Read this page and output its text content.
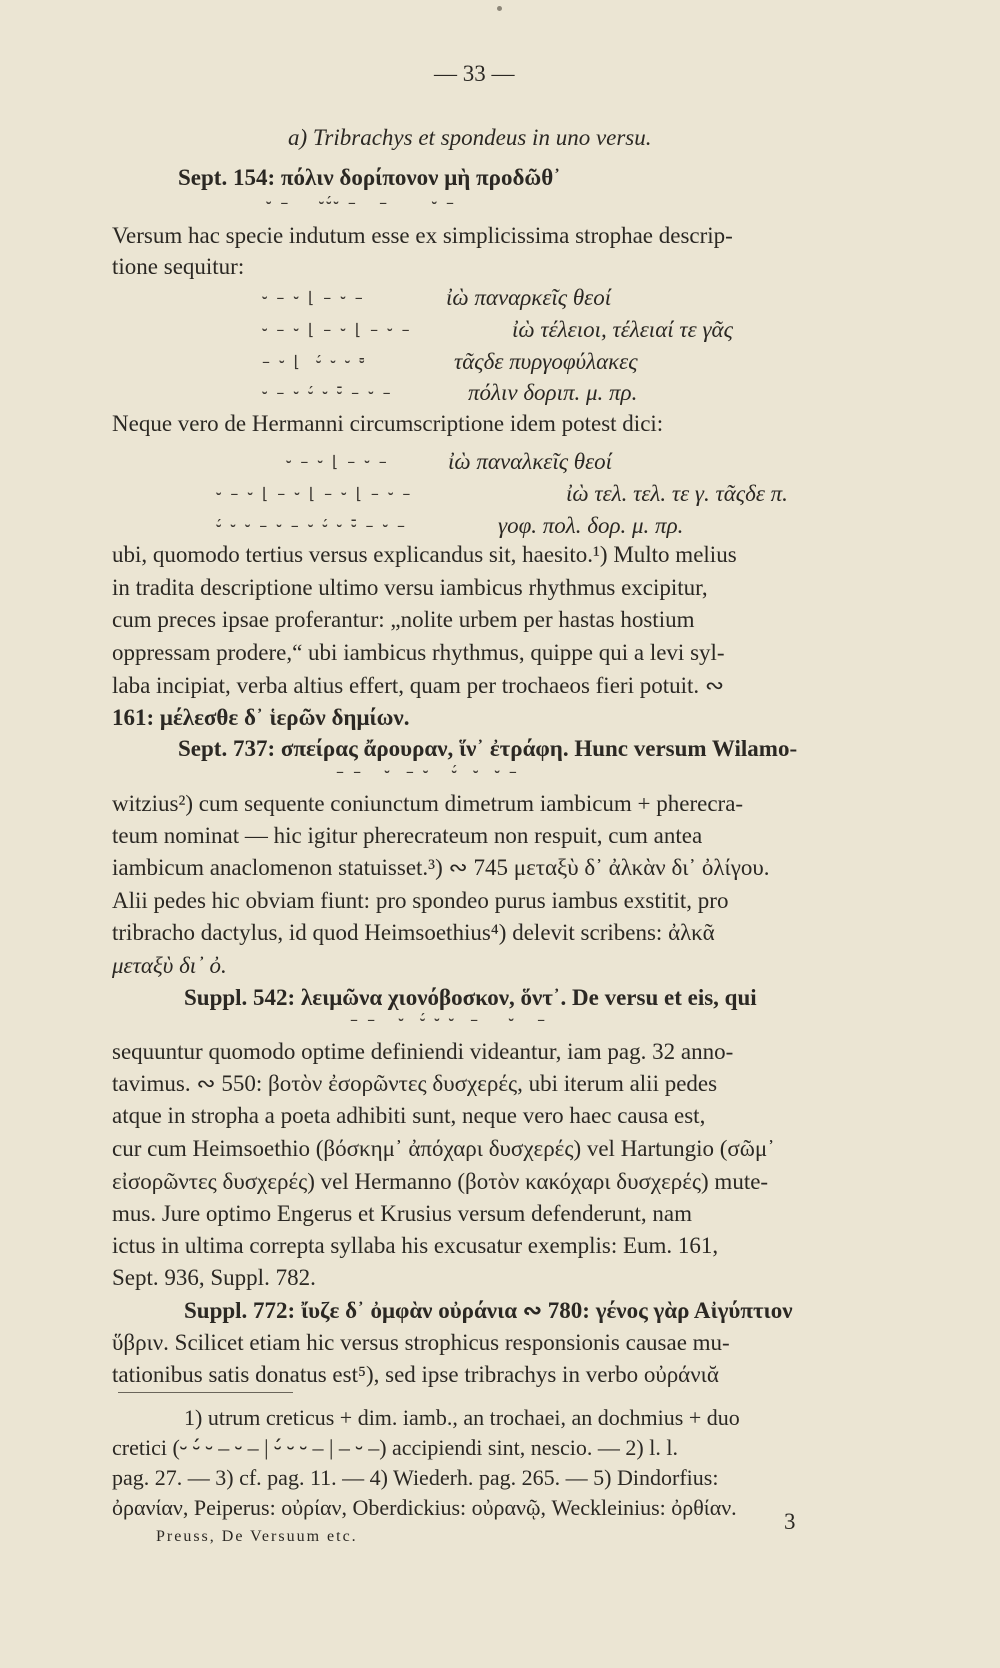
— 33 —

a) Tribrachys et spondeus in uno versu.

Sept. 154: πόλιν δορίπονον μὴ προδῶθ᾽

⏑ –    ⏑⏑́⏑ –   –      ⏑ –

Versum hac specie indutum esse ex simplicissima strophae descrip-

tione sequitur:

⏑ – ⏑ ⌊ – ⏑ –	ἰὼ παναρκεῖς θεοί

⏑ – ⏑ ⌊ – ⏑ ⌊ – ⏑ –	ἰὼ τέλειοι, τέλειαί τε γᾶς

– ⏑ ⌊  ⏑́ ⏑ ⏑ ⏒	τᾶςδε πυργοφύλακες

⏑ – ⏑ ⏑́ ⏑ ⏑̄ – ⏑ –	πόλιν δοριπ. μ. πρ.

Neque vero de Hermanni circumscriptione idem potest dici:

⏑ – ⏑ ⌊ – ⏑ –	ἰὼ παναλκεῖς θεοί

⏑ – ⏑ ⌊ – ⏑ ⌊ – ⏑ ⌊ – ⏑ –	ἰὼ τελ. τελ. τε γ. τᾶςδε π.

⏑́ ⏑ ⏑ – ⏑ – ⏑ ⏑́ ⏑ ⏑̄ – ⏑ –	γοφ. πολ. δορ. μ. πρ.

ubi, quomodo tertius versus explicandus sit, haesito.¹) Multo melius

in tradita descriptione ultimo versu iambicus rhythmus excipitur,

cum preces ipsae proferantur: „nolite urbem per hastas hostium

oppressam prodere,“ ubi iambicus rhythmus, quippe qui a levi syl-

laba incipiat, verba altius effert, quam per trochaeos fieri potuit. ∾

161: μέλεσθε δ᾽ ἱερῶν δημίων.

Sept. 737: σπείρας ἄρουραν, ἵν᾽ ἐτράφη. Hunc versum Wilamo-

– –   ⏑  – ⏑   ⏑́  ⏑  ⏑ –

witzius²) cum sequente coniunctum dimetrum iambicum + pherecra-

teum nominat — hic igitur pherecrateum non respuit, cum antea

iambicum anaclomenon statuisset.³) ∾ 745 μεταξὺ δ᾽ ἀλκὰν δι᾽ ὀλίγου.

Alii pedes hic obviam fiunt: pro spondeo purus iambus exstitit, pro

tribracho dactylus, id quod Heimsoethius⁴) delevit scribens: ἀλκᾶ

μεταξὺ δι᾽ ὀ.

Suppl. 542: λειμῶνα χιονόβοσκον, ὅντ᾽. De versu et eis, qui

– –   ⏑  ⏑́ ⏑ ⏑  –    ⏑   –

sequuntur quomodo optime definiendi videantur, iam pag. 32 anno-

tavimus. ∾ 550: βοτὸν ἐσορῶντες δυσχερές, ubi iterum alii pedes

atque in stropha a poeta adhibiti sunt, neque vero haec causa est,

cur cum Heimsoethio (βόσκημ᾽ ἀπόχαρι δυσχερές) vel Hartungio (σῶμ᾽

εἰσορῶντες δυσχερές) vel Hermanno (βοτὸν κακόχαρι δυσχερές) mute-

mus. Jure optimo Engerus et Krusius versum defenderunt, nam

ictus in ultima correpta syllaba his excusatur exemplis: Eum. 161,

Sept. 936, Suppl. 782.

Suppl. 772: ἴυζε δ᾽ ὀμφὰν οὐράνια ∾ 780: γένος γὰρ Αἰγύπτιον

ὕβριν. Scilicet etiam hic versus strophicus responsionis causae mu-

tationibus satis donatus est⁵), sed ipse tribrachys in verbo οὐράνιᾰ

1) utrum creticus + dim. iamb., an trochaei, an dochmius + duo

cretici (⏑ ⏑́ ⏑ – ⏑ – | ⏑́ ⏑ ⏑ – | – ⏑ –) accipiendi sint, nescio. — 2) l. l.

pag. 27. — 3) cf. pag. 11. — 4) Wiederh. pag. 265. — 5) Dindorfius:

ὀρανίαν, Peiperus: οὐρίαν, Oberdickius: οὐρανῷ, Weckleinius: ὀρθίαν.

Preuss, De Versuum etc.

3
